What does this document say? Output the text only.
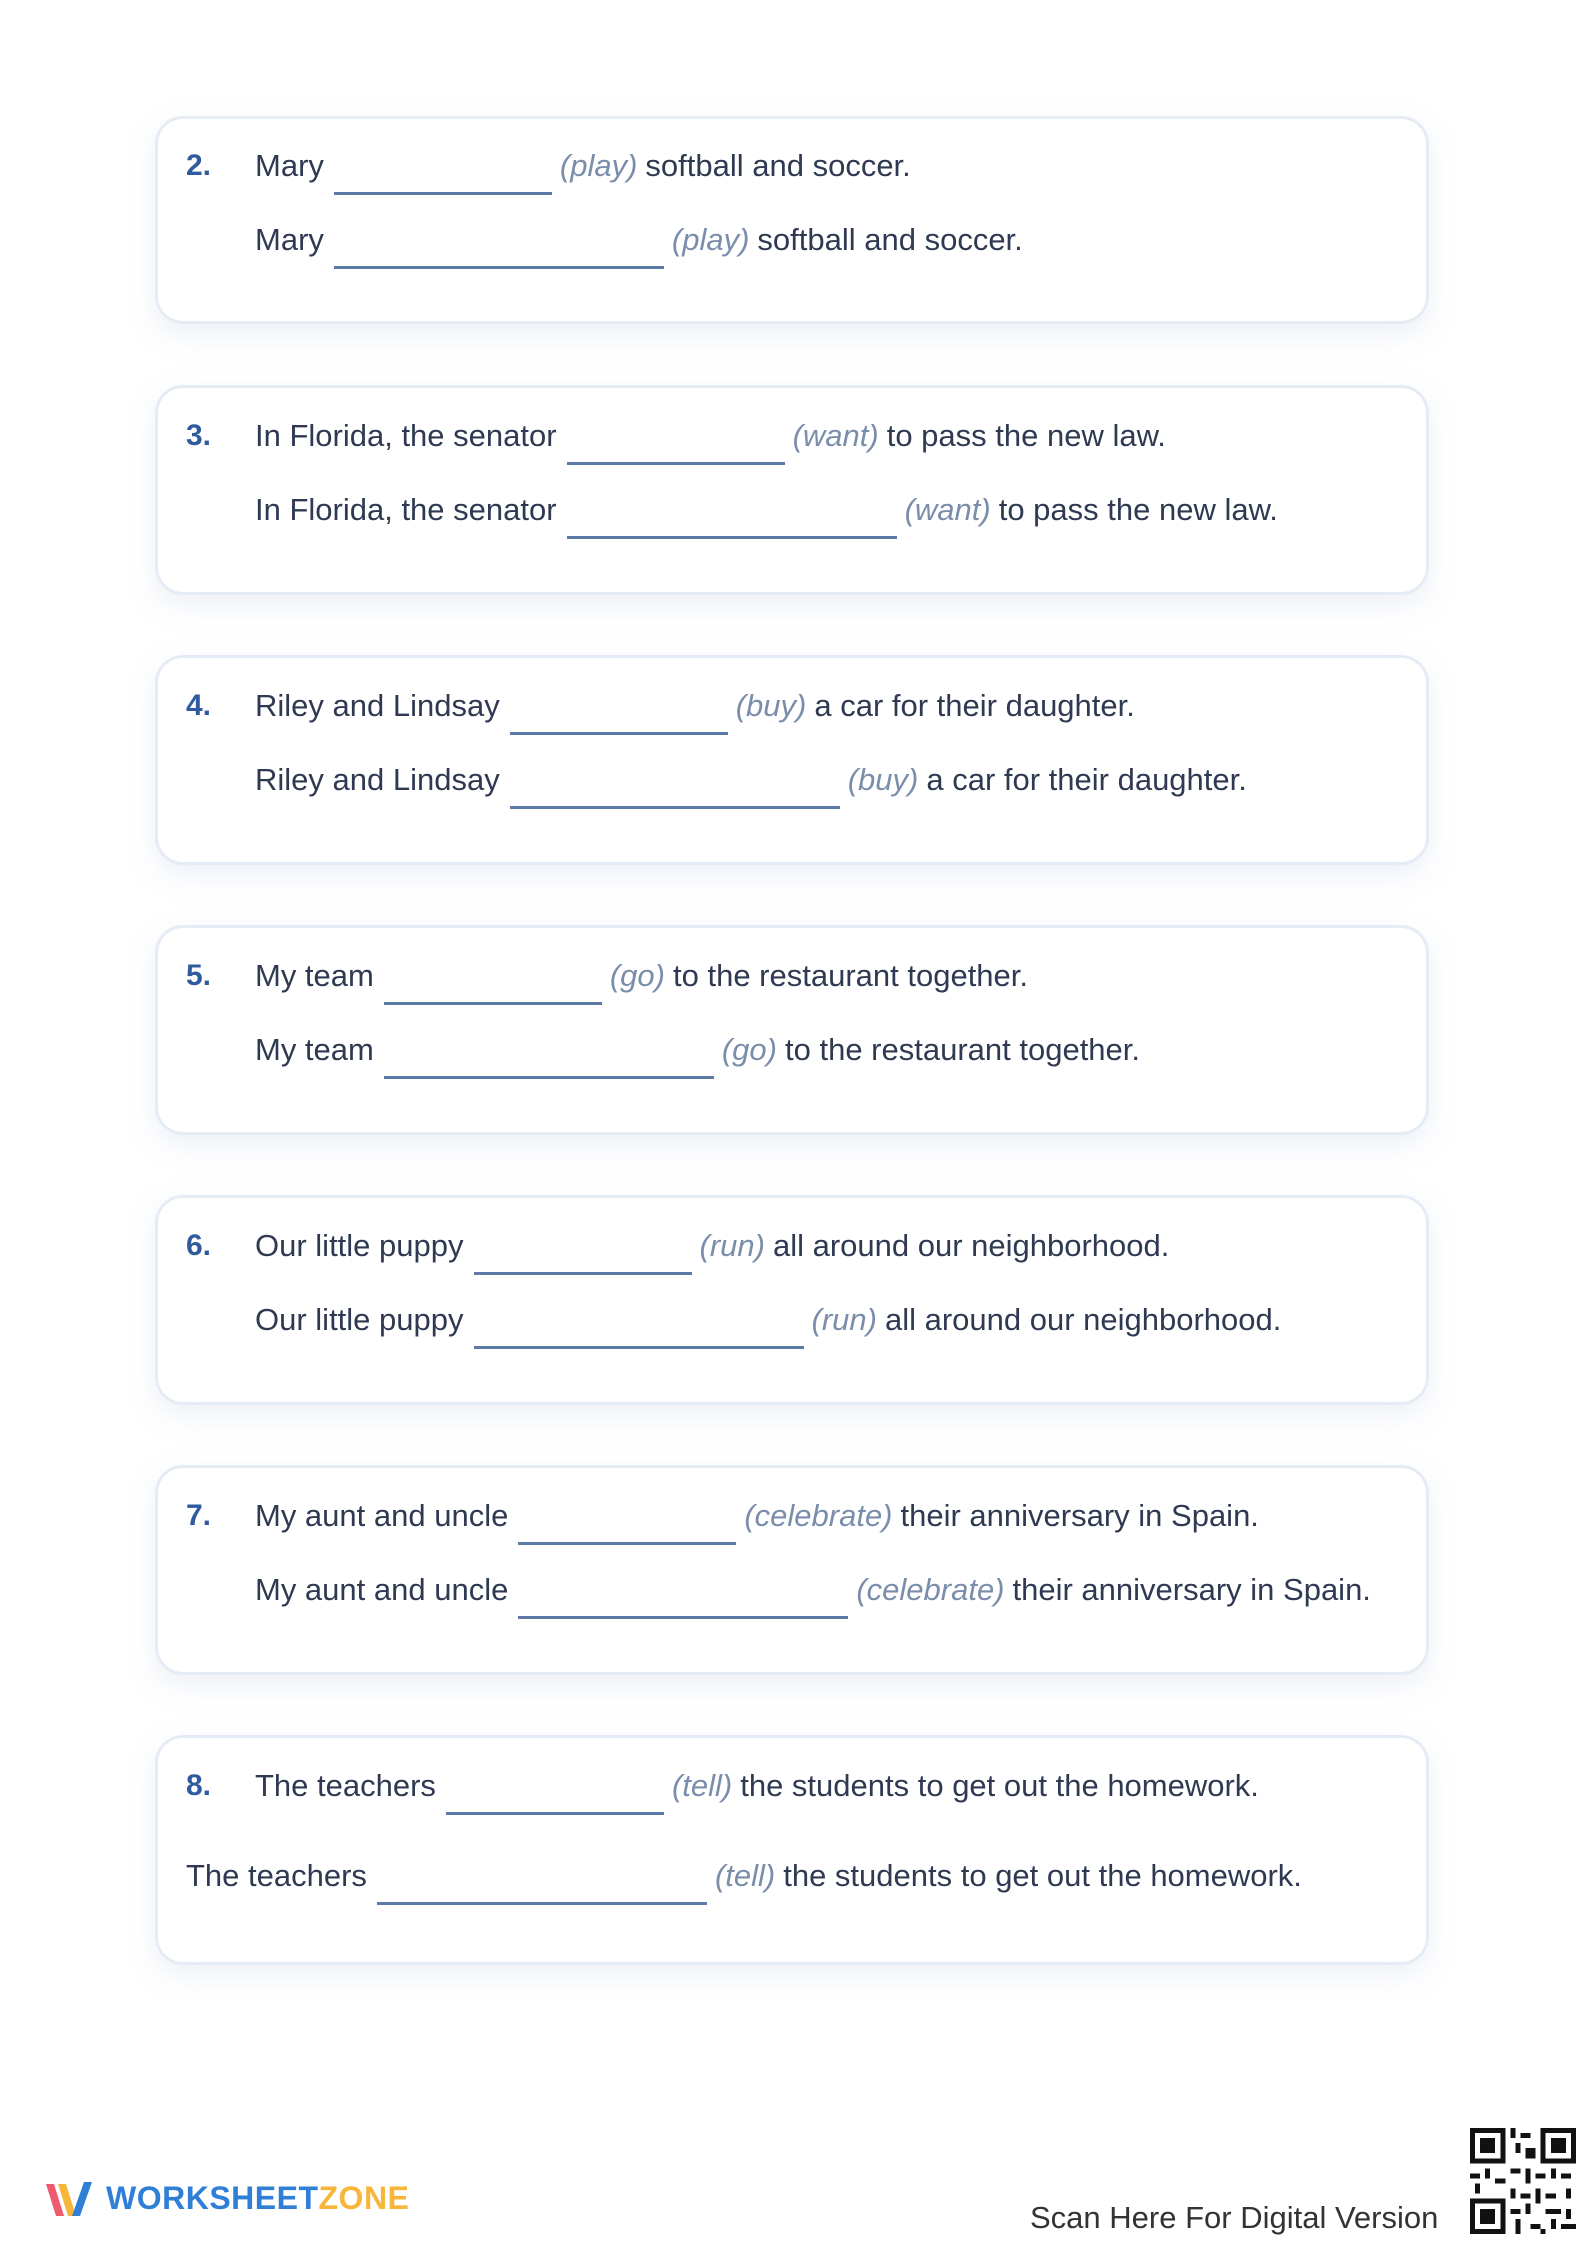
2. Mary	(play) softball and soccer.
Mary	(play) softball and soccer.
3. In Florida, the senator	(want) to pass the new law.
In Florida, the senator	(want) to pass the new law.
4. Riley and Lindsay	(buy) a car for their daughter.
Riley and Lindsay	(buy) a car for their daughter.
5. My team	(go) to the restaurant together.
My team	(go) to the restaurant together.
6. Our little puppy	(run) all around our neighborhood.
Our little puppy	(run) all around our neighborhood.
7. My aunt and uncle	(celebrate) their anniversary in Spain.
My aunt and uncle	(celebrate) their anniversary in Spain.
8. The teachers	(tell) the students to get out the homework.
The teachers	(tell) the students to get out the homework.
WORKSHEETZONE
Scan Here For Digital Version
